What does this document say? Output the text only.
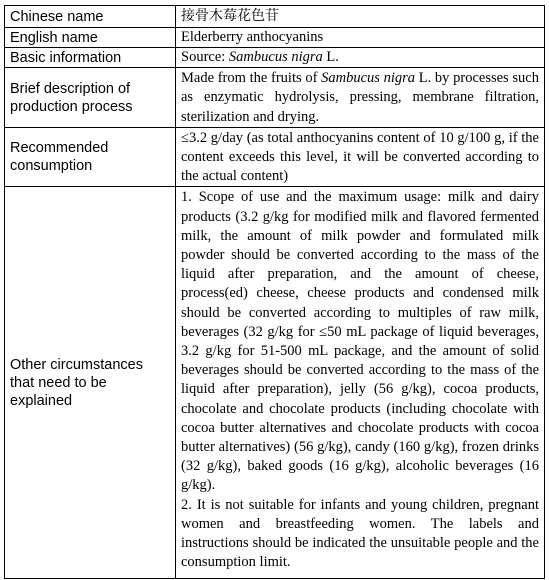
Chinese name	接骨木莓花色苷
English name	Elderberry anthocyanins
Basic information	Source: Sambucus nigra L.
Brief description of production process	Made from the fruits of Sambucus nigra L. by processes such as enzymatic hydrolysis, pressing, membrane filtration, sterilization and drying.
Recommended consumption	≤3.2 g/day (as total anthocyanins content of 10 g/100 g, if the content exceeds this level, it will be converted according to the actual content)
Other circumstances that need to be explained	1. Scope of use and the maximum usage: milk and dairy products (3.2 g/kg for modified milk and flavored fermented milk, the amount of milk powder and formulated milk powder should be converted according to the mass of the liquid after preparation, and the amount of cheese, process(ed) cheese, cheese products and condensed milk should be converted according to multiples of raw milk, beverages (32 g/kg for ≤50 mL package of liquid beverages, 3.2 g/kg for 51-500 mL package, and the amount of solid beverages should be converted according to the mass of the liquid after preparation), jelly (56 g/kg), cocoa products, chocolate and chocolate products (including chocolate with cocoa butter alternatives and chocolate products with cocoa butter alternatives) (56 g/kg), candy (160 g/kg), frozen drinks (32 g/kg), baked goods (16 g/kg), alcoholic beverages (16 g/kg).
2. It is not suitable for infants and young children, pregnant women and breastfeeding women. The labels and instructions should be indicated the unsuitable people and the consumption limit.
